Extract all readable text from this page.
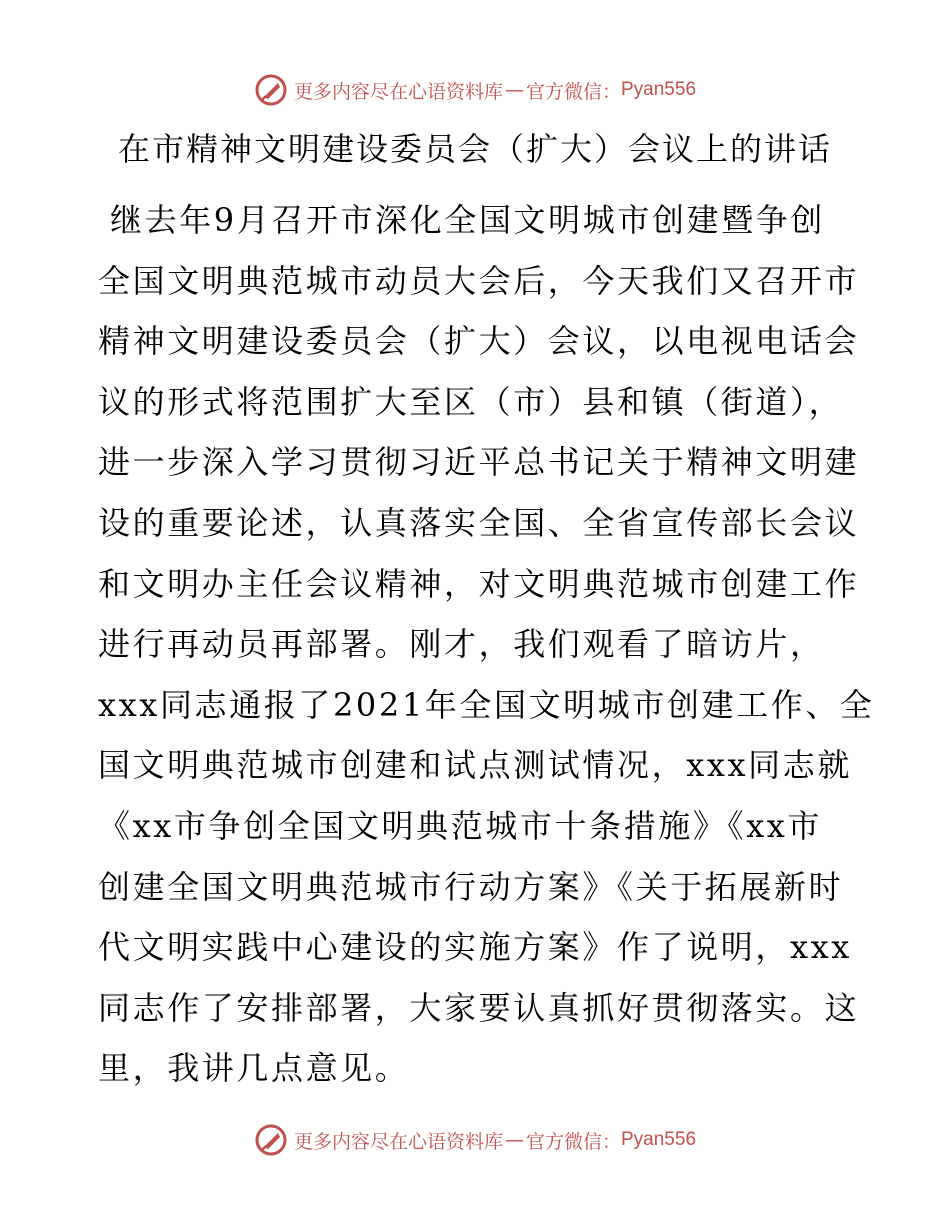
更多内容尽在心语资料库 — 官方微信： Pyan556
在市精神文明建设委员会（扩大）会议上的讲话
继去年9月召开市深化全国文明城市创建暨争创
全国文明典范城市动员大会后，今天我们又召开市
精神文明建设委员会（扩大）会议，以电视电话会
议的形式将范围扩大至区（市）县和镇（街道），
进一步深入学习贯彻习近平总书记关于精神文明建
设的重要论述，认真落实全国、全省宣传部长会议
和文明办主任会议精神，对文明典范城市创建工作
进行再动员再部署。刚才，我们观看了暗访片，
xxx同志通报了2021年全国文明城市创建工作、全
国文明典范城市创建和试点测试情况，xxx同志就
《xx市争创全国文明典范城市十条措施》《xx市
创建全国文明典范城市行动方案》《关于拓展新时
代文明实践中心建设的实施方案》作了说明，xxx
同志作了安排部署，大家要认真抓好贯彻落实。这
里，我讲几点意见。
更多内容尽在心语资料库 — 官方微信： Pyan556
